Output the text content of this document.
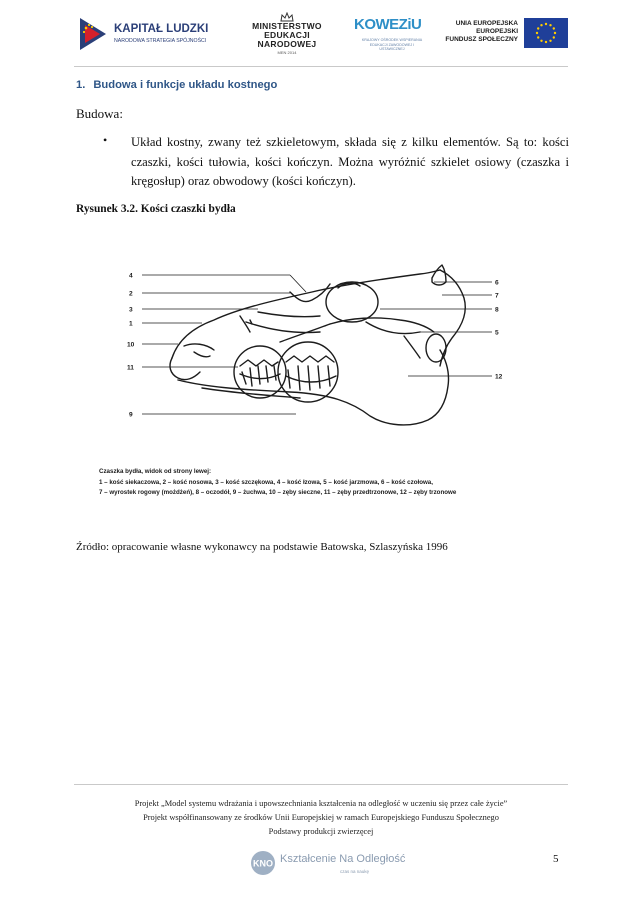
KAPITAŁ LUDZKI
NARODOWA STRATEGIA SPÓJNOŚCI
MINISTERSTWO
EDUKACJI
NARODOWEJ
MEN 2014
KOWEZiU
KRAJOWY OŚRODEK WSPIERANIA EDUKACJI ZAWODOWEJ I USTAWICZNEJ
UNIA EUROPEJSKA
EUROPEJSKI
FUNDUSZ SPOŁECZNY
1. Budowa i funkcje układu kostnego
Budowa:
• Układ kostny, zwany też szkieletowym, składa się z kilku elementów. Są to: kości czaszki, kości tułowia, kości kończyn. Można wyróżnić szkielet osiowy (czaszka i kręgosłup) oraz obwodowy (kości kończyn).
Rysunek 3.2. Kości czaszki bydła
4
2
3
1
10
11
9
6
7
8
5
12
Czaszka bydła, widok od strony lewej:
1 – kość siekaczowa, 2 – kość nosowa, 3 – kość szczękowa, 4 – kość łzowa, 5 – kość jarzmowa, 6 – kość czołowa,
7 – wyrostek rogowy (możdżeń), 8 – oczodół, 9 – żuchwa, 10 – zęby sieczne, 11 – zęby przedtrzonowe, 12 – zęby trzonowe
Źródło: opracowanie własne wykonawcy na podstawie Batowska, Szlaszyńska 1996
Projekt „Model systemu wdrażania i upowszechniania kształcenia na odległość w uczeniu się przez całe życie”
Projekt współfinansowany ze środków Unii Europejskiej w ramach Europejskiego Funduszu Społecznego
Podstawy produkcji zwierzęcej
KNO Kształcenie Na Odległość
czas na naukę
5
